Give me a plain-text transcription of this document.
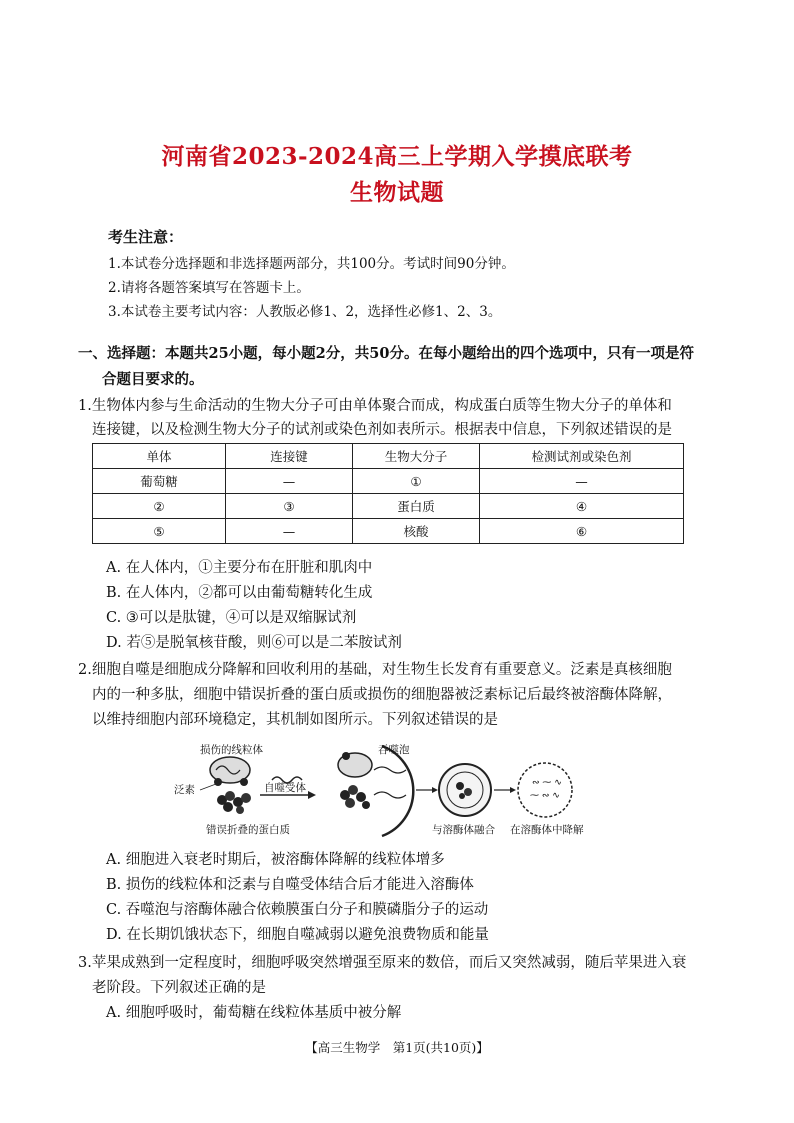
河南省2023-2024高三上学期入学摸底联考
生物试题
考生注意：
1.本试卷分选择题和非选择题两部分，共100分。考试时间90分钟。
2.请将各题答案填写在答题卡上。
3.本试卷主要考试内容：人教版必修1、2，选择性必修1、2、3。
一、选择题：本题共25小题，每小题2分，共50分。在每小题给出的四个选项中，只有一项是符
合题目要求的。
1.生物体内参与生命活动的生物大分子可由单体聚合而成，构成蛋白质等生物大分子的单体和
连接键，以及检测生物大分子的试剂或染色剂如表所示。根据表中信息，下列叙述错误的是
单体	连接键	生物大分子	检测试剂或染色剂
葡萄糖	—	①	—
②	③	蛋白质	④
⑤	—	核酸	⑥
A. 在人体内，①主要分布在肝脏和肌肉中
B. 在人体内，②都可以由葡萄糖转化生成
C. ③可以是肽键，④可以是双缩脲试剂
D. 若⑤是脱氧核苷酸，则⑥可以是二苯胺试剂
2.细胞自噬是细胞成分降解和回收利用的基础，对生物生长发育有重要意义。泛素是真核细胞
内的一种多肽，细胞中错误折叠的蛋白质或损伤的细胞器被泛素标记后最终被溶酶体降解，
以维持细胞内部环境稳定，其机制如图所示。下列叙述错误的是
∾ ⁓ ∿
⁓ ∾ ∿
损伤的线粒体
泛素
错误折叠的蛋白质
自噬受体
吞噬泡
与溶酶体融合 在溶酶体中降解
A. 细胞进入衰老时期后，被溶酶体降解的线粒体增多
B. 损伤的线粒体和泛素与自噬受体结合后才能进入溶酶体
C. 吞噬泡与溶酶体融合依赖膜蛋白分子和膜磷脂分子的运动
D. 在长期饥饿状态下，细胞自噬减弱以避免浪费物质和能量
3.苹果成熟到一定程度时，细胞呼吸突然增强至原来的数倍，而后又突然减弱，随后苹果进入衰
老阶段。下列叙述正确的是
A. 细胞呼吸时，葡萄糖在线粒体基质中被分解
【高三生物学　第1页(共10页)】
